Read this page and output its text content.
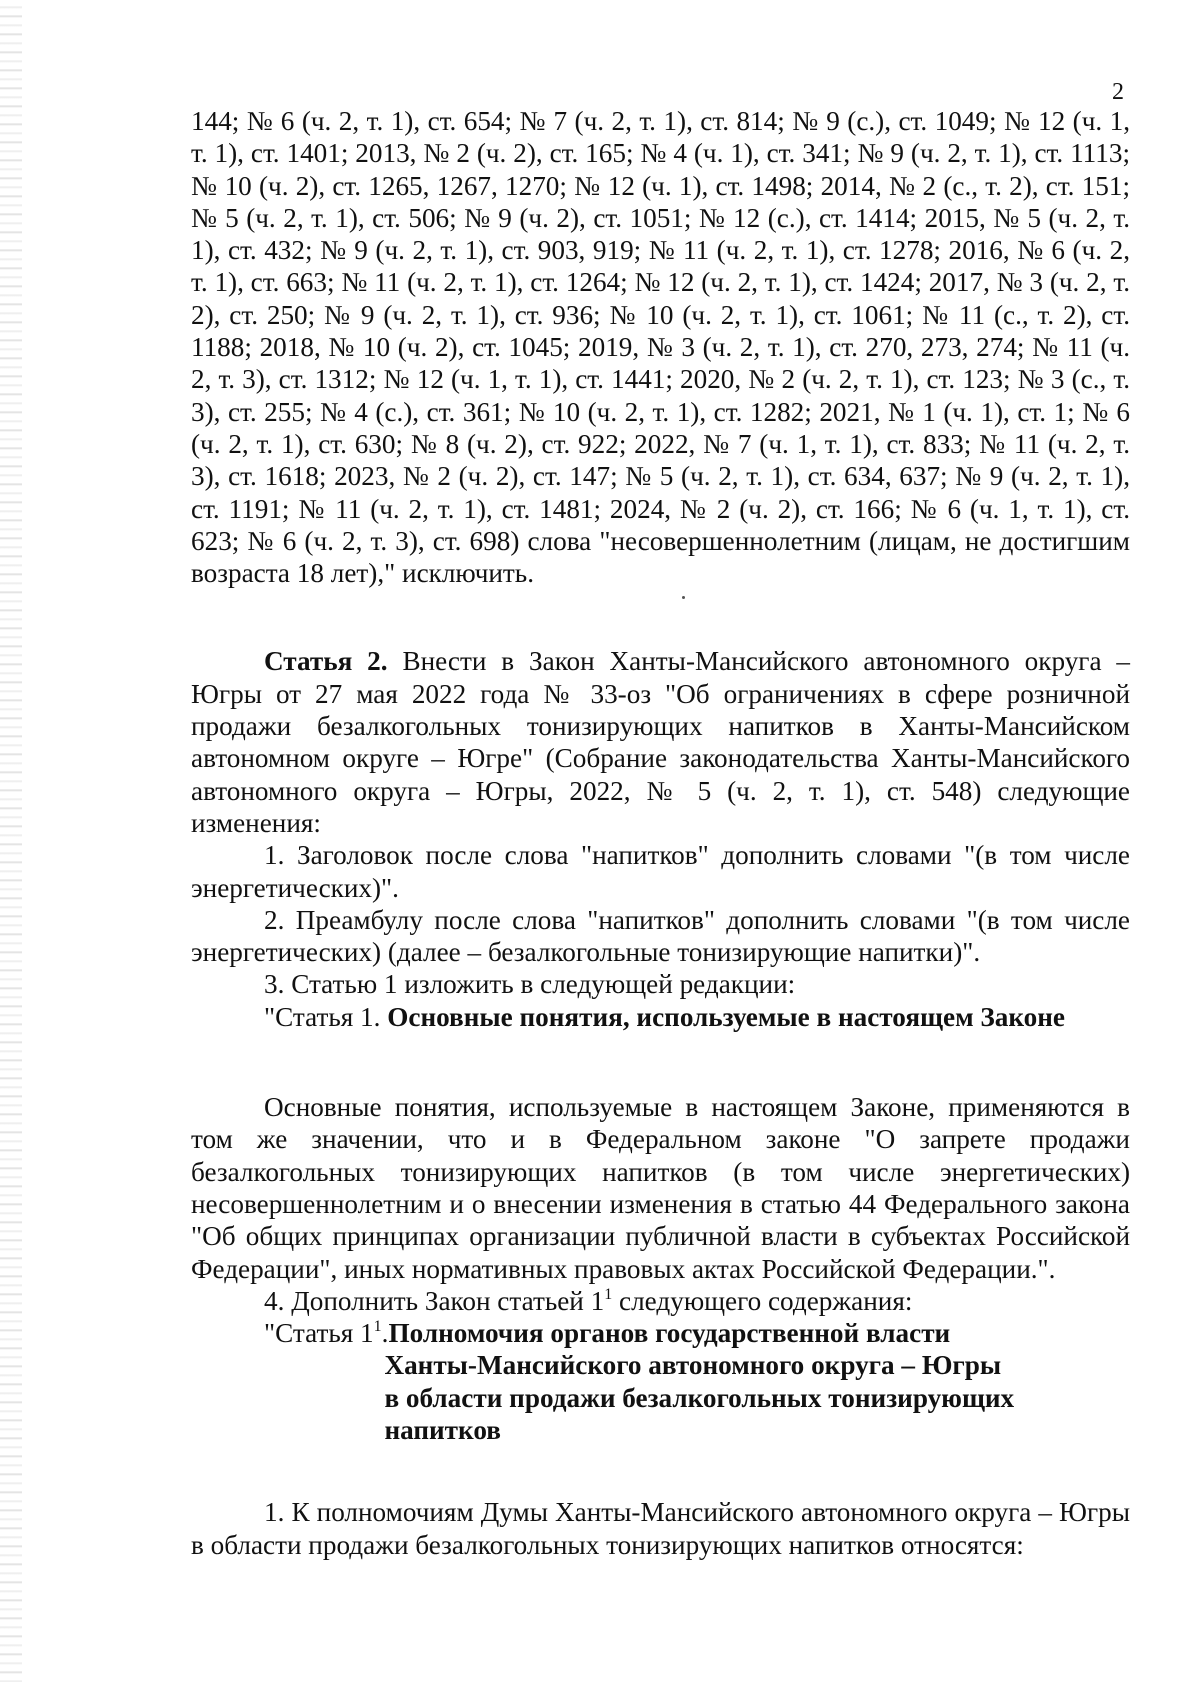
2

144; № 6 (ч. 2, т. 1), ст. 654; № 7 (ч. 2, т. 1), ст. 814; № 9 (с.), ст. 1049; № 12 (ч. 1, т. 1), ст. 1401; 2013, № 2 (ч. 2), ст. 165; № 4 (ч. 1), ст. 341; № 9 (ч. 2, т. 1), ст. 1113; № 10 (ч. 2), ст. 1265, 1267, 1270; № 12 (ч. 1), ст. 1498; 2014, № 2 (с., т. 2), ст. 151; № 5 (ч. 2, т. 1), ст. 506; № 9 (ч. 2), ст. 1051; № 12 (с.), ст. 1414; 2015, № 5 (ч. 2, т. 1), ст. 432; № 9 (ч. 2, т. 1), ст. 903, 919; № 11 (ч. 2, т. 1), ст. 1278; 2016, № 6 (ч. 2, т. 1), ст. 663; № 11 (ч. 2, т. 1), ст. 1264; № 12 (ч. 2, т. 1), ст. 1424; 2017, № 3 (ч. 2, т. 2), ст. 250; № 9 (ч. 2, т. 1), ст. 936; № 10 (ч. 2, т. 1), ст. 1061; № 11 (с., т. 2), ст. 1188; 2018, № 10 (ч. 2), ст. 1045; 2019, № 3 (ч. 2, т. 1), ст. 270, 273, 274; № 11 (ч. 2, т. 3), ст. 1312; № 12 (ч. 1, т. 1), ст. 1441; 2020, № 2 (ч. 2, т. 1), ст. 123; № 3 (с., т. 3), ст. 255; № 4 (с.), ст. 361; № 10 (ч. 2, т. 1), ст. 1282; 2021, № 1 (ч. 1), ст. 1; № 6 (ч. 2, т. 1), ст. 630; № 8 (ч. 2), ст. 922; 2022, № 7 (ч. 1, т. 1), ст. 833; № 11 (ч. 2, т. 3), ст. 1618; 2023, № 2 (ч. 2), ст. 147; № 5 (ч. 2, т. 1), ст. 634, 637; № 9 (ч. 2, т. 1), ст. 1191; № 11 (ч. 2, т. 1), ст. 1481; 2024, № 2 (ч. 2), ст. 166; № 6 (ч. 1, т. 1), ст. 623; № 6 (ч. 2, т. 3), ст. 698) слова "несовершеннолетним (лицам, не достигшим возраста 18 лет)," исключить.

Статья 2. Внести в Закон Ханты-Мансийского автономного округа – Югры от 27 мая 2022 года № 33-оз "Об ограничениях в сфере розничной продажи безалкогольных тонизирующих напитков в Ханты-Мансийском автономном округе – Югре" (Собрание законодательства Ханты-Мансийского автономного округа – Югры, 2022, № 5 (ч. 2, т. 1), ст. 548) следующие изменения:

1. Заголовок после слова "напитков" дополнить словами "(в том числе энергетических)".

2. Преамбулу после слова "напитков" дополнить словами "(в том числе энергетических) (далее – безалкогольные тонизирующие напитки)".

3. Статью 1 изложить в следующей редакции:

"Статья 1. Основные понятия, используемые в настоящем Законе

Основные понятия, используемые в настоящем Законе, применяются в том же значении, что и в Федеральном законе "О запрете продажи безалкогольных тонизирующих напитков (в том числе энергетических) несовершеннолетним и о внесении изменения в статью 44 Федерального закона "Об общих принципах организации публичной власти в субъектах Российской Федерации", иных нормативных правовых актах Российской Федерации.".

4. Дополнить Закон статьей $1^1$ следующего содержания:

"Статья $1^1$. Полномочия органов государственной власти
Ханты-Мансийского автономного округа – Югры
в области продажи безалкогольных тонизирующих
напитков

1. К полномочиям Думы Ханты-Мансийского автономного округа – Югры в области продажи безалкогольных тонизирующих напитков относятся:
